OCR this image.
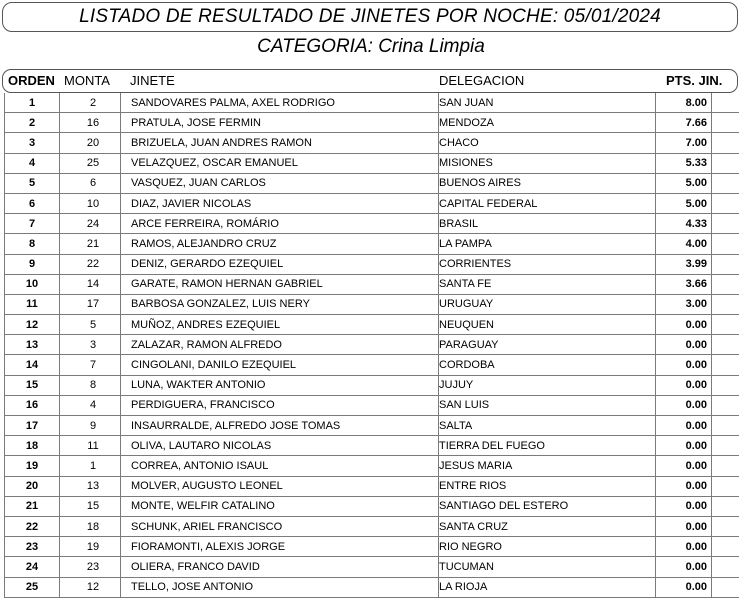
LISTADO DE RESULTADO DE JINETES POR NOCHE: 05/01/2024
CATEGORIA: Crina Limpia
ORDEN MONTA JINETE	DELEGACION	PTS. JIN.
1	2	SANDOVARES PALMA, AXEL RODRIGO	SAN JUAN	8.00
2	16	PRATULA, JOSE FERMIN	MENDOZA	7.66
3	20	BRIZUELA, JUAN ANDRES RAMON	CHACO	7.00
4	25	VELAZQUEZ, OSCAR EMANUEL	MISIONES	5.33
5	6	VASQUEZ, JUAN CARLOS	BUENOS AIRES	5.00
6	10	DIAZ, JAVIER NICOLAS	CAPITAL FEDERAL	5.00
7	24	ARCE FERREIRA, ROMÁRIO	BRASIL	4.33
8	21	RAMOS, ALEJANDRO CRUZ	LA PAMPA	4.00
9	22	DENIZ, GERARDO EZEQUIEL	CORRIENTES	3.99
10	14	GARATE, RAMON HERNAN GABRIEL	SANTA FE	3.66
11	17	BARBOSA GONZALEZ, LUIS NERY	URUGUAY	3.00
12	5	MUÑOZ, ANDRES EZEQUIEL	NEUQUEN	0.00
13	3	ZALAZAR, RAMON ALFREDO	PARAGUAY	0.00
14	7	CINGOLANI, DANILO EZEQUIEL	CORDOBA	0.00
15	8	LUNA, WAKTER ANTONIO	JUJUY	0.00
16	4	PERDIGUERA, FRANCISCO	SAN LUIS	0.00
17	9	INSAURRALDE, ALFREDO JOSE TOMAS	SALTA	0.00
18	11	OLIVA, LAUTARO NICOLAS	TIERRA DEL FUEGO	0.00
19	1	CORREA, ANTONIO ISAUL	JESUS MARIA	0.00
20	13	MOLVER, AUGUSTO LEONEL	ENTRE RIOS	0.00
21	15	MONTE, WELFIR CATALINO	SANTIAGO DEL ESTERO	0.00
22	18	SCHUNK, ARIEL FRANCISCO	SANTA CRUZ	0.00
23	19	FIORAMONTI, ALEXIS JORGE	RIO NEGRO	0.00
24	23	OLIERA, FRANCO DAVID	TUCUMAN	0.00
25	12	TELLO, JOSE ANTONIO	LA RIOJA	0.00
